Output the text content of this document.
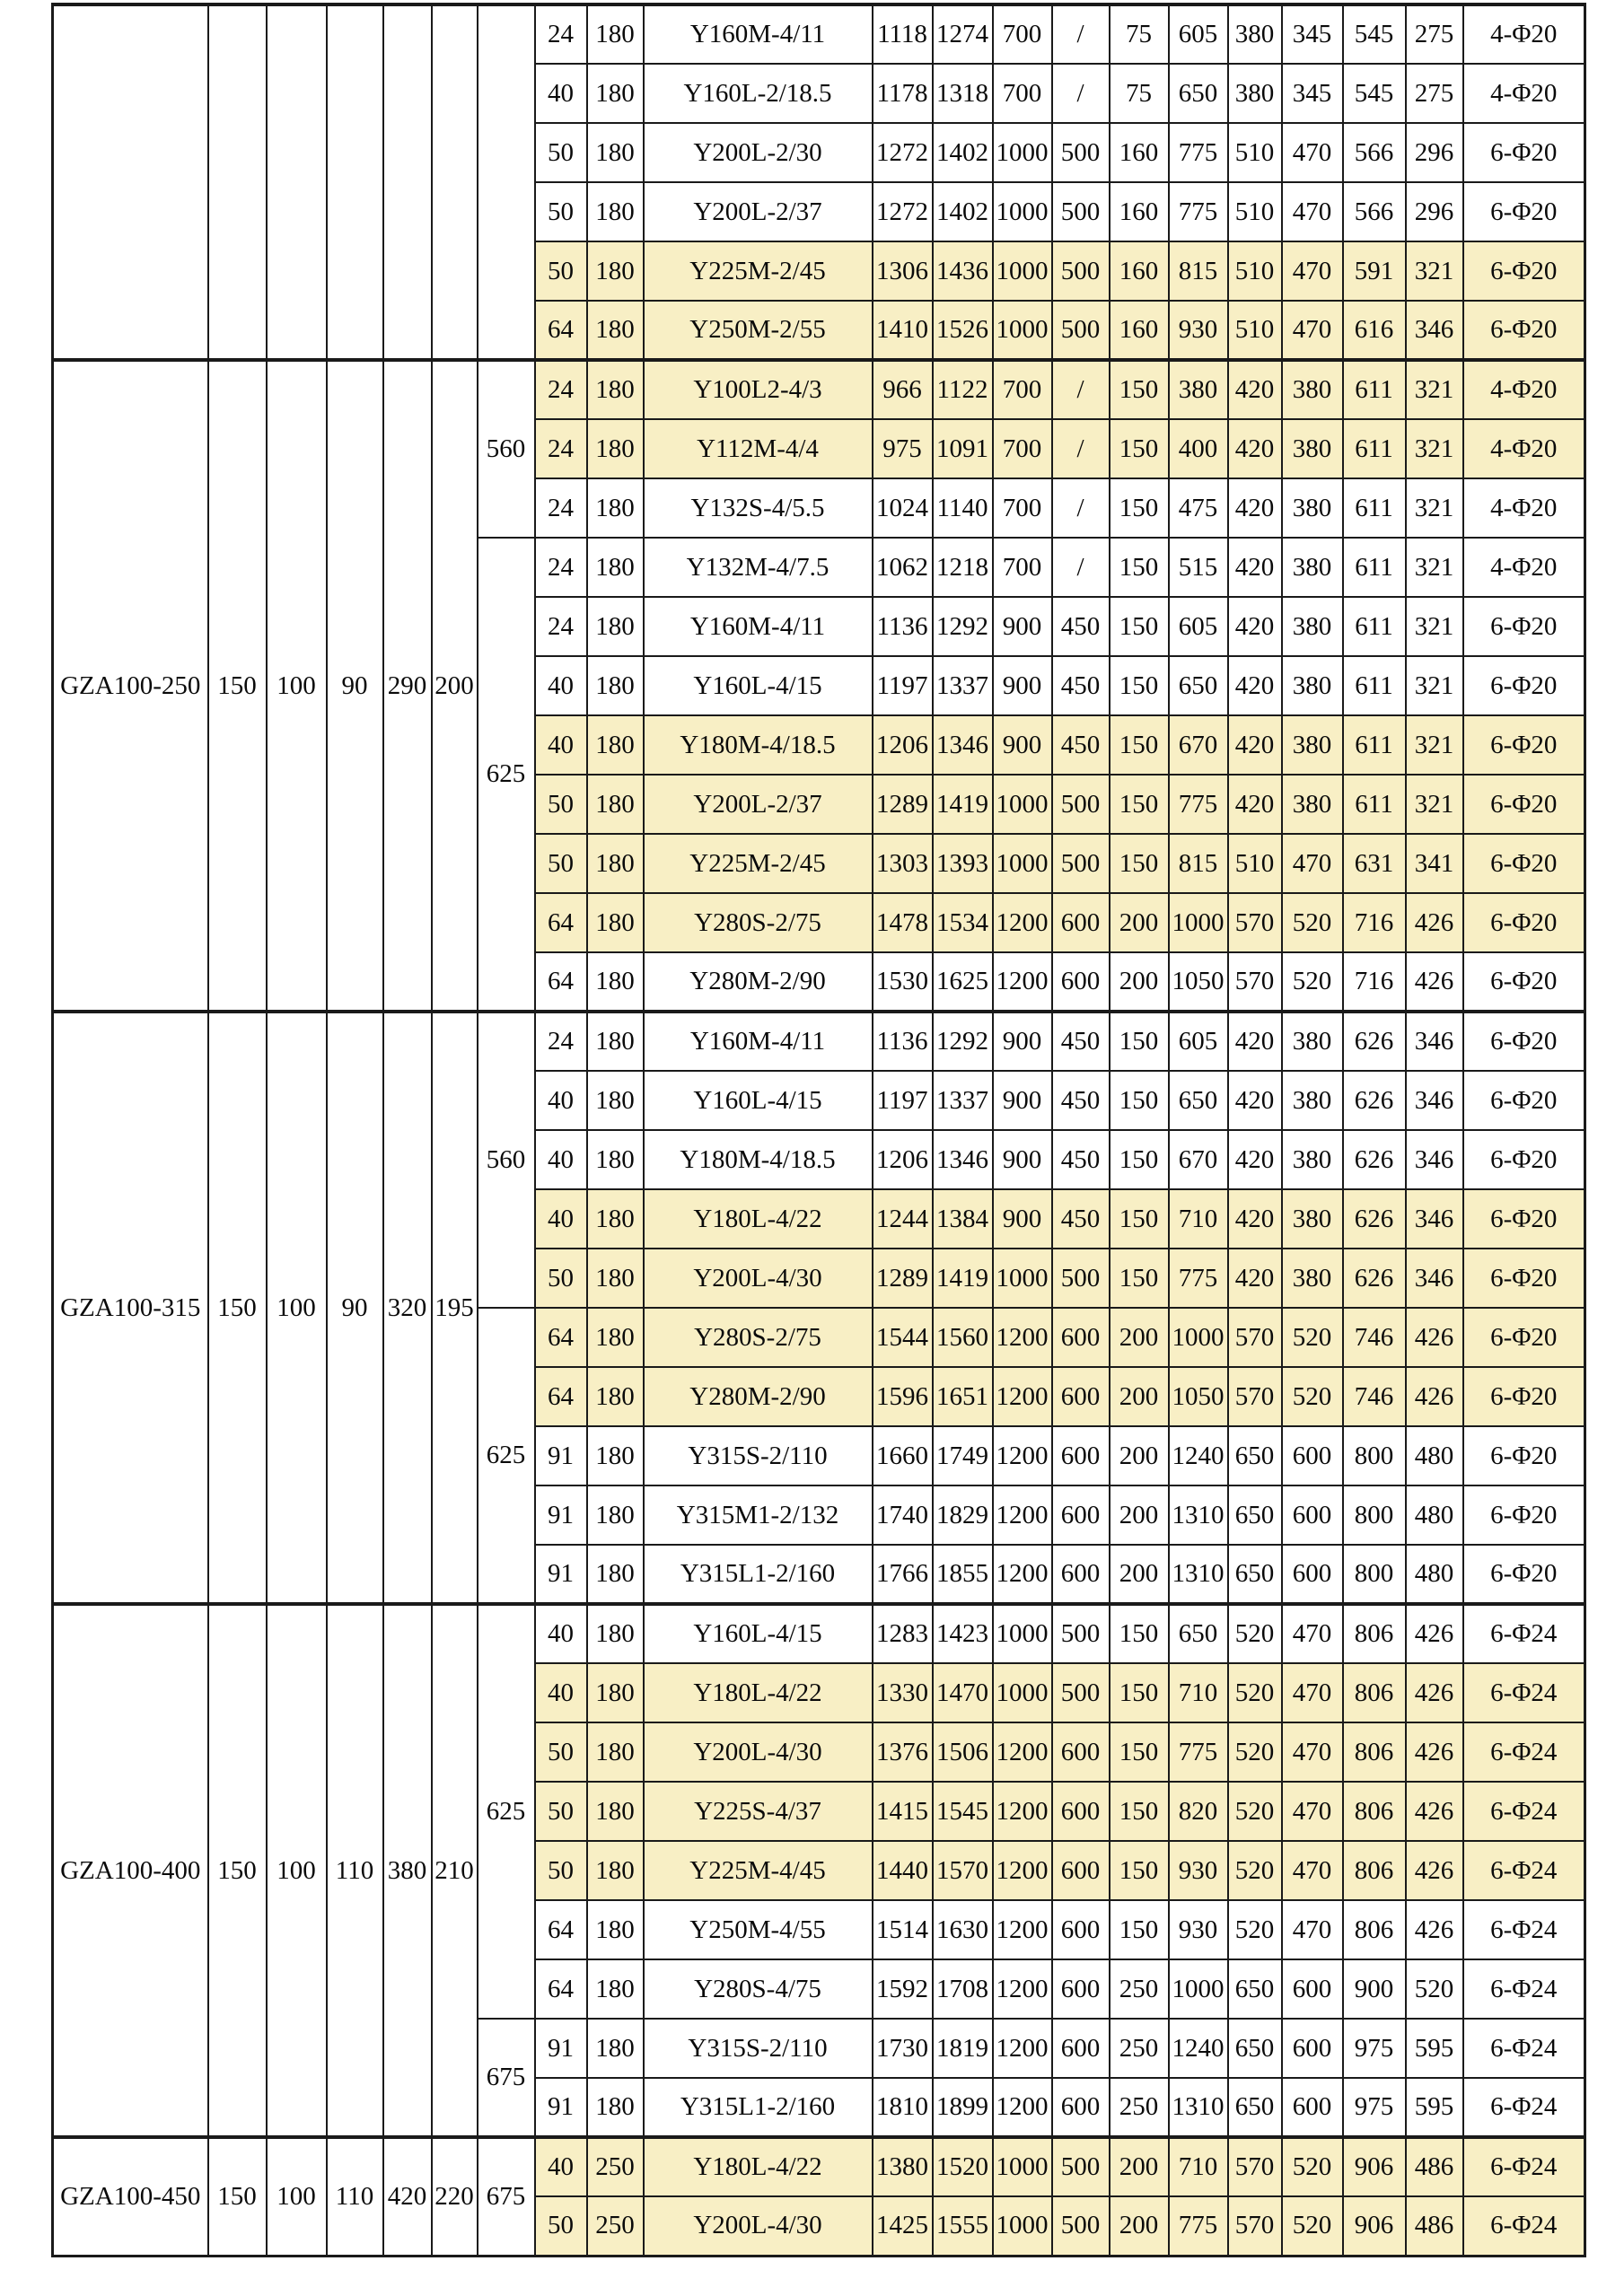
							24	180	Y160M-4/11	1118	1274	700	/	75	605	380	345	545	275	4-Φ20
							40	180	Y160L-2/18.5	1178	1318	700	/	75	650	380	345	545	275	4-Φ20
							50	180	Y200L-2/30	1272	1402	1000	500	160	775	510	470	566	296	6-Φ20
							50	180	Y200L-2/37	1272	1402	1000	500	160	775	510	470	566	296	6-Φ20
							50	180	Y225M-2/45	1306	1436	1000	500	160	815	510	470	591	321	6-Φ20
							64	180	Y250M-2/55	1410	1526	1000	500	160	930	510	470	616	346	6-Φ20
GZA100-250	150	100	90	290	200	560	24	180	Y100L2-4/3	966	1122	700	/	150	380	420	380	611	321	4-Φ20
							24	180	Y112M-4/4	975	1091	700	/	150	400	420	380	611	321	4-Φ20
							24	180	Y132S-4/5.5	1024	1140	700	/	150	475	420	380	611	321	4-Φ20
						625	24	180	Y132M-4/7.5	1062	1218	700	/	150	515	420	380	611	321	4-Φ20
							24	180	Y160M-4/11	1136	1292	900	450	150	605	420	380	611	321	6-Φ20
							40	180	Y160L-4/15	1197	1337	900	450	150	650	420	380	611	321	6-Φ20
							40	180	Y180M-4/18.5	1206	1346	900	450	150	670	420	380	611	321	6-Φ20
							50	180	Y200L-2/37	1289	1419	1000	500	150	775	420	380	611	321	6-Φ20
							50	180	Y225M-2/45	1303	1393	1000	500	150	815	510	470	631	341	6-Φ20
							64	180	Y280S-2/75	1478	1534	1200	600	200	1000	570	520	716	426	6-Φ20
							64	180	Y280M-2/90	1530	1625	1200	600	200	1050	570	520	716	426	6-Φ20
GZA100-315	150	100	90	320	195	560	24	180	Y160M-4/11	1136	1292	900	450	150	605	420	380	626	346	6-Φ20
							40	180	Y160L-4/15	1197	1337	900	450	150	650	420	380	626	346	6-Φ20
							40	180	Y180M-4/18.5	1206	1346	900	450	150	670	420	380	626	346	6-Φ20
							40	180	Y180L-4/22	1244	1384	900	450	150	710	420	380	626	346	6-Φ20
							50	180	Y200L-4/30	1289	1419	1000	500	150	775	420	380	626	346	6-Φ20
						625	64	180	Y280S-2/75	1544	1560	1200	600	200	1000	570	520	746	426	6-Φ20
							64	180	Y280M-2/90	1596	1651	1200	600	200	1050	570	520	746	426	6-Φ20
							91	180	Y315S-2/110	1660	1749	1200	600	200	1240	650	600	800	480	6-Φ20
							91	180	Y315M1-2/132	1740	1829	1200	600	200	1310	650	600	800	480	6-Φ20
							91	180	Y315L1-2/160	1766	1855	1200	600	200	1310	650	600	800	480	6-Φ20
GZA100-400	150	100	110	380	210	625	40	180	Y160L-4/15	1283	1423	1000	500	150	650	520	470	806	426	6-Φ24
							40	180	Y180L-4/22	1330	1470	1000	500	150	710	520	470	806	426	6-Φ24
							50	180	Y200L-4/30	1376	1506	1200	600	150	775	520	470	806	426	6-Φ24
							50	180	Y225S-4/37	1415	1545	1200	600	150	820	520	470	806	426	6-Φ24
							50	180	Y225M-4/45	1440	1570	1200	600	150	930	520	470	806	426	6-Φ24
							64	180	Y250M-4/55	1514	1630	1200	600	150	930	520	470	806	426	6-Φ24
							64	180	Y280S-4/75	1592	1708	1200	600	250	1000	650	600	900	520	6-Φ24
						675	91	180	Y315S-2/110	1730	1819	1200	600	250	1240	650	600	975	595	6-Φ24
							91	180	Y315L1-2/160	1810	1899	1200	600	250	1310	650	600	975	595	6-Φ24
GZA100-450	150	100	110	420	220	675	40	250	Y180L-4/22	1380	1520	1000	500	200	710	570	520	906	486	6-Φ24
							50	250	Y200L-4/30	1425	1555	1000	500	200	775	570	520	906	486	6-Φ24
